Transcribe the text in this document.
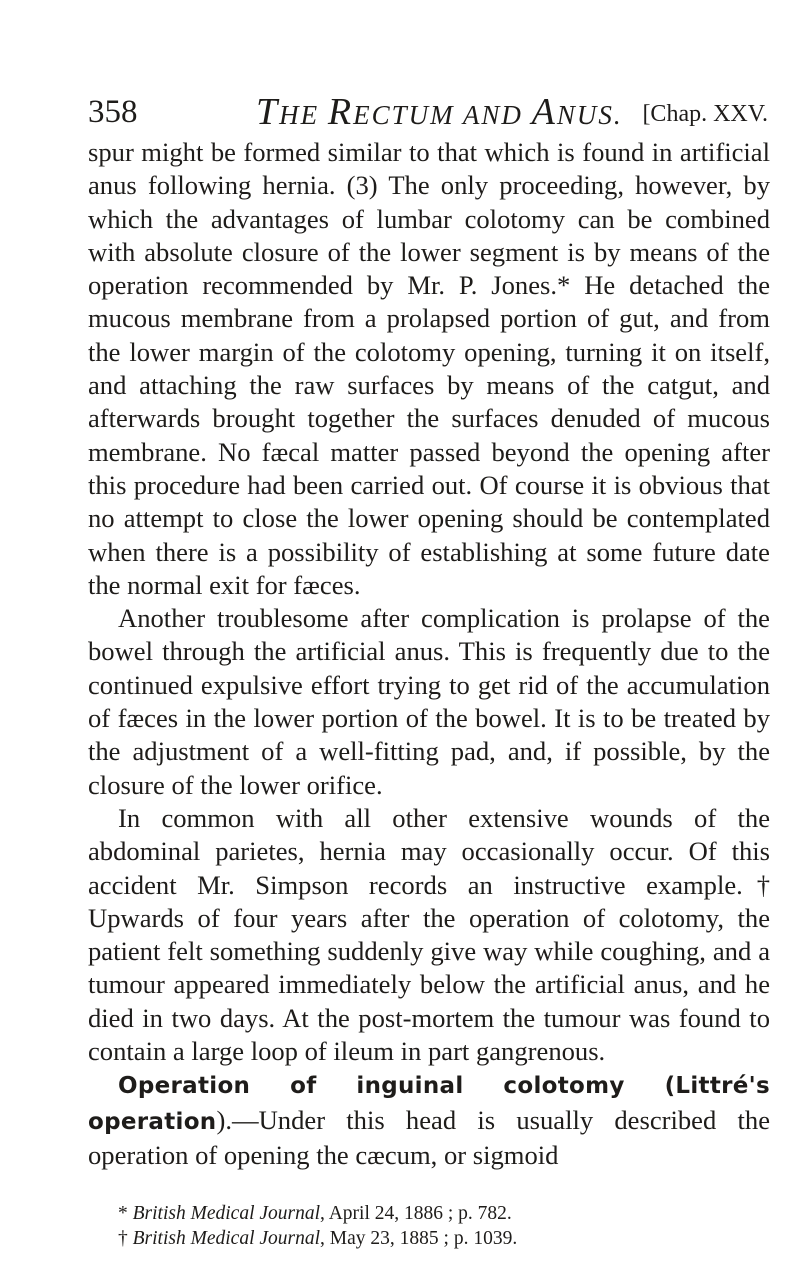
358	THE RECTUM AND ANUS. [Chap. XXV.

spur might be formed similar to that which is found in artificial anus following hernia. (3) The only proceeding, however, by which the advantages of lumbar colotomy can be combined with absolute closure of the lower segment is by means of the operation recommended by Mr. P. Jones.* He detached the mucous membrane from a prolapsed portion of gut, and from the lower margin of the colotomy opening, turning it on itself, and attaching the raw surfaces by means of the catgut, and afterwards brought together the surfaces denuded of mucous membrane. No fæcal matter passed beyond the opening after this procedure had been carried out. Of course it is obvious that no attempt to close the lower opening should be contemplated when there is a possibility of establishing at some future date the normal exit for fæces.

Another troublesome after complication is prolapse of the bowel through the artificial anus. This is frequently due to the continued expulsive effort trying to get rid of the accumulation of fæces in the lower portion of the bowel. It is to be treated by the adjustment of a well-fitting pad, and, if possible, by the closure of the lower orifice.

In common with all other extensive wounds of the abdominal parietes, hernia may occasionally occur. Of this accident Mr. Simpson records an instructive example.† Upwards of four years after the operation of colotomy, the patient felt something suddenly give way while coughing, and a tumour appeared immediately below the artificial anus, and he died in two days. At the post-mortem the tumour was found to contain a large loop of ileum in part gangrenous.

Operation of inguinal colotomy (Littré's operation).—Under this head is usually described the operation of opening the cæcum, or sigmoid

* British Medical Journal, April 24, 1886 ; p. 782.
† British Medical Journal, May 23, 1885 ; p. 1039.
